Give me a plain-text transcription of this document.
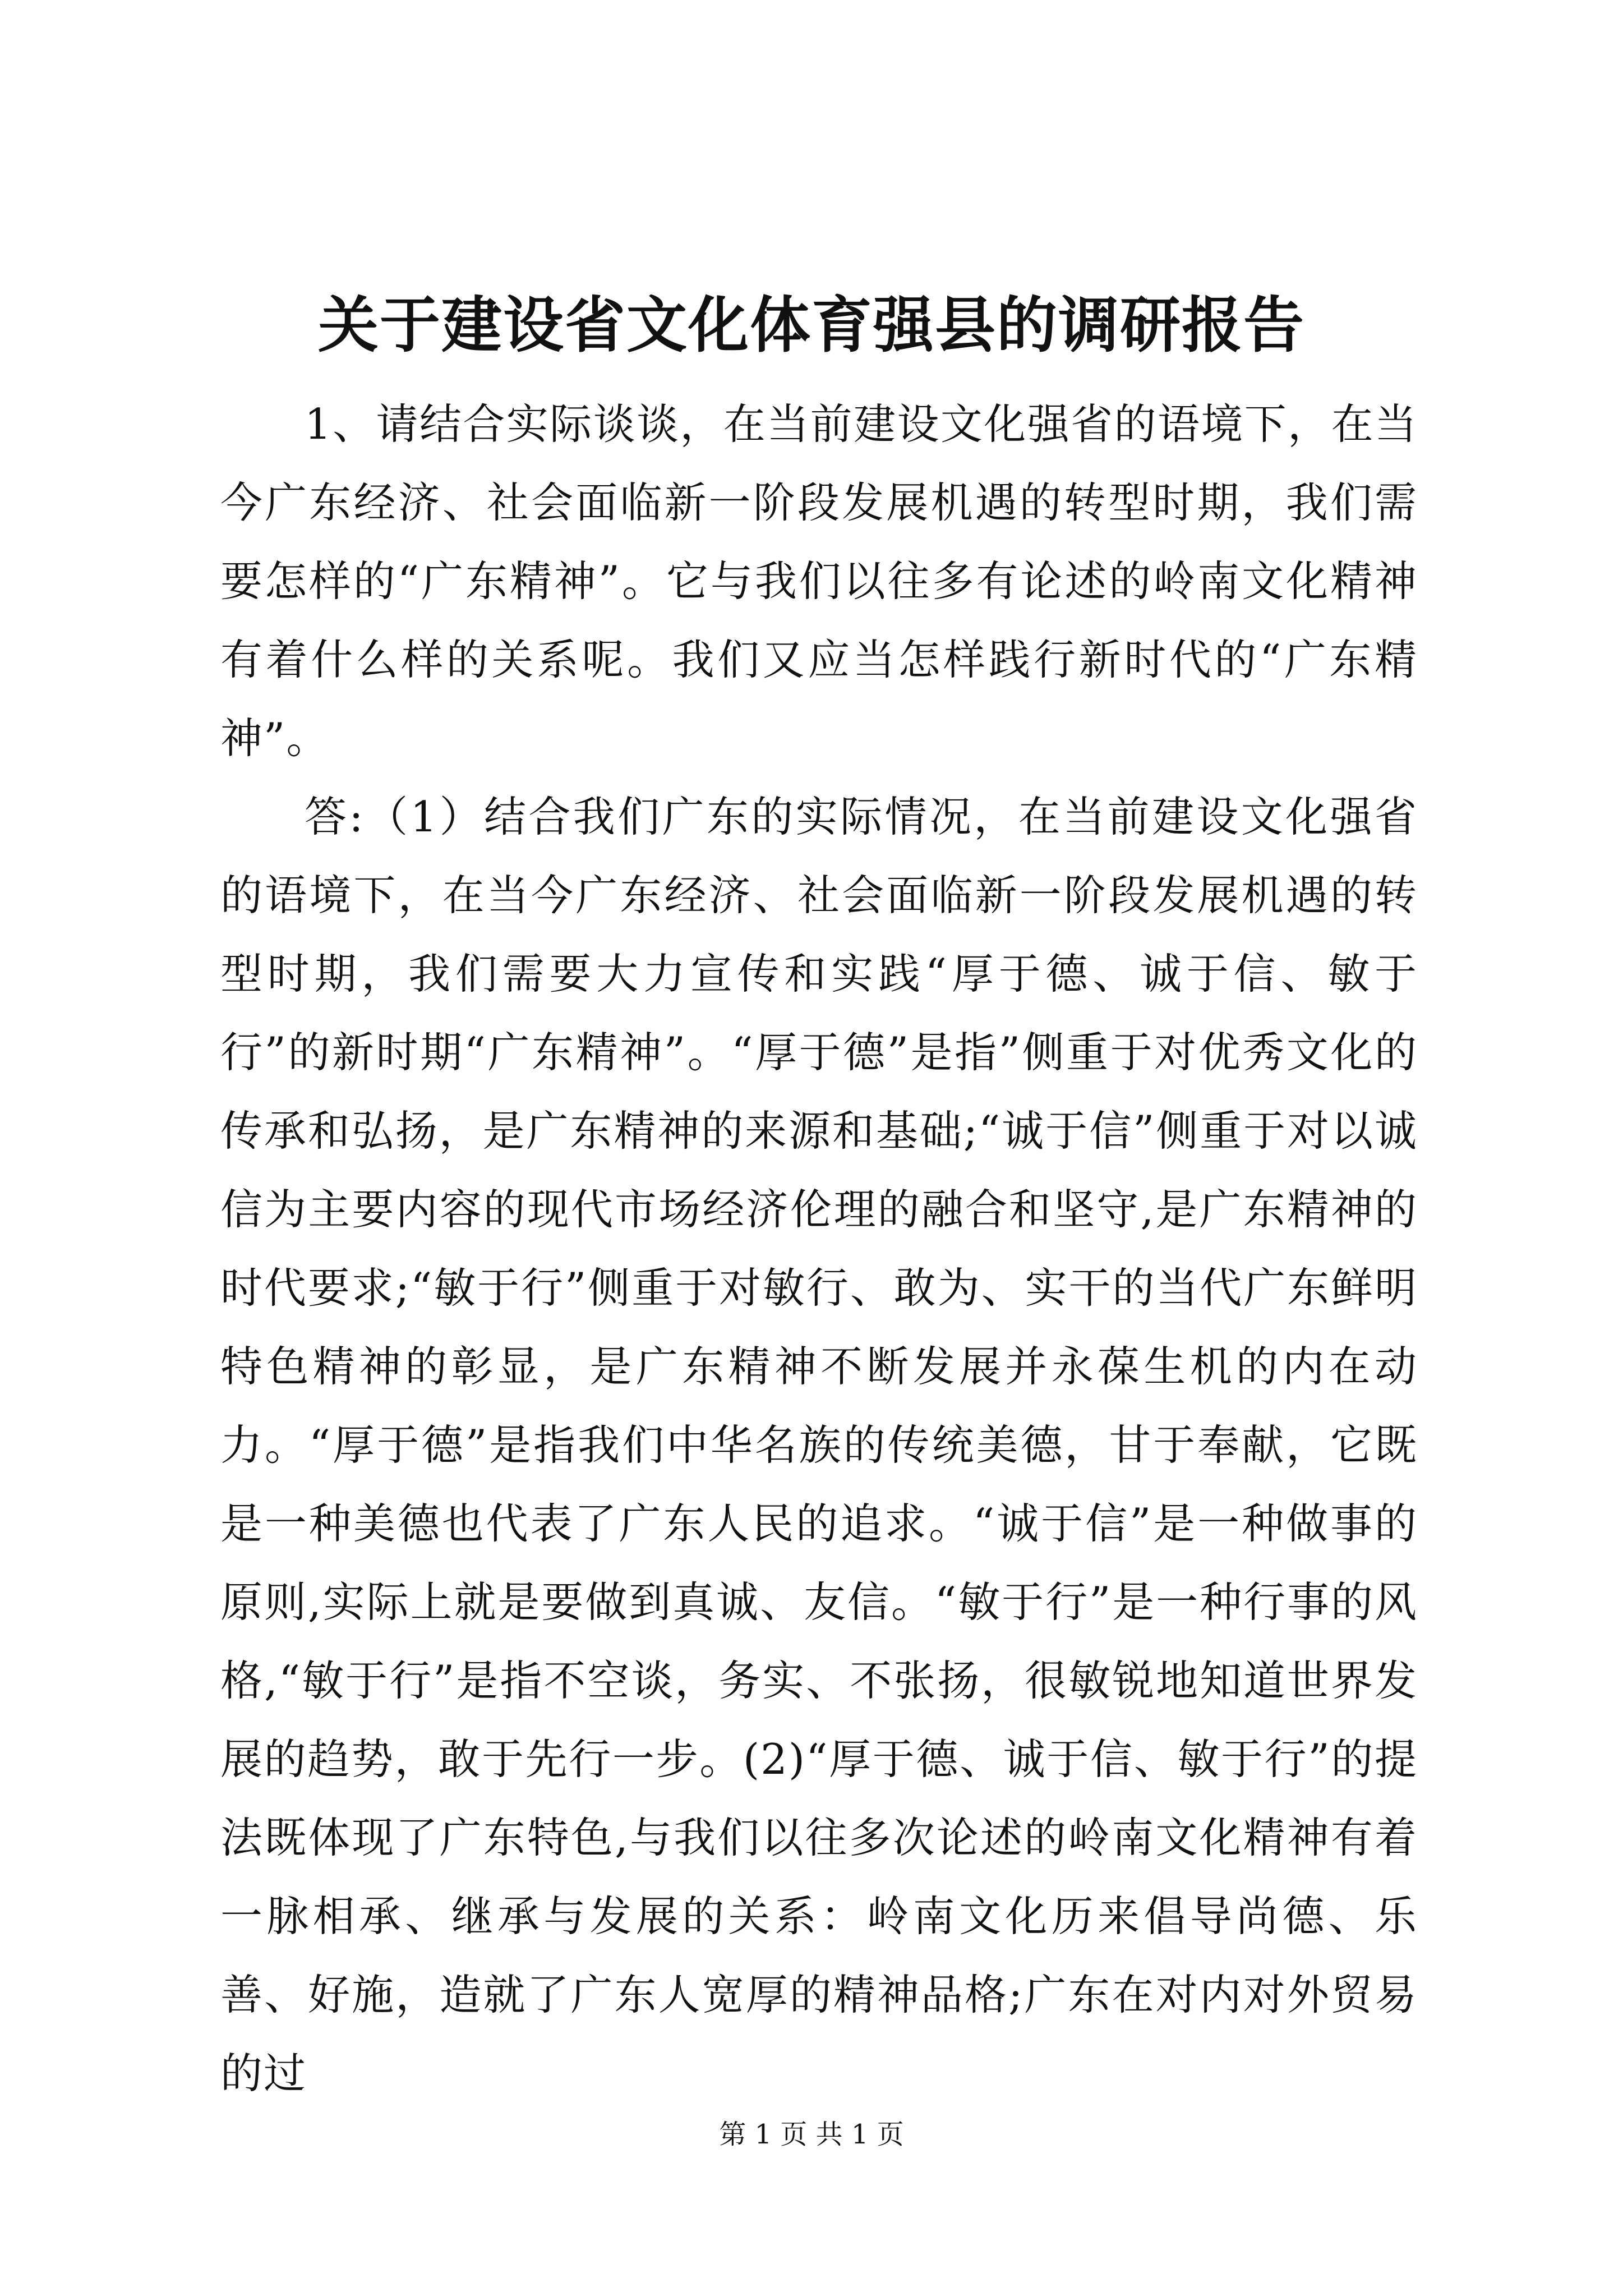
关于建设省文化体育强县的调研报告

1、请结合实际谈谈，在当前建设文化强省的语境下，在当今广东经济、社会面临新一阶段发展机遇的转型时期，我们需要怎样的“广东精神”。它与我们以往多有论述的岭南文化精神有着什么样的关系呢。我们又应当怎样践行新时代的“广东精神”。

答:（1）结合我们广东的实际情况，在当前建设文化强省的语境下，在当今广东经济、社会面临新一阶段发展机遇的转型时期，我们需要大力宣传和实践“厚于德、诚于信、敏于行”的新时期“广东精神”。“厚于德”是指”侧重于对优秀文化的传承和弘扬，是广东精神的来源和基础;“诚于信”侧重于对以诚信为主要内容的现代市场经济伦理的融合和坚守,是广东精神的时代要求;“敏于行”侧重于对敏行、敢为、实干的当代广东鲜明特色精神的彰显，是广东精神不断发展并永葆生机的内在动力。“厚于德”是指我们中华名族的传统美德，甘于奉献，它既是一种美德也代表了广东人民的追求。“诚于信”是一种做事的原则,实际上就是要做到真诚、友信。“敏于行”是一种行事的风格,“敏于行”是指不空谈，务实、不张扬，很敏锐地知道世界发展的趋势，敢于先行一步。(2)“厚于德、诚于信、敏于行”的提法既体现了广东特色,与我们以往多次论述的岭南文化精神有着一脉相承、继承与发展的关系：岭南文化历来倡导尚德、乐善、好施，造就了广东人宽厚的精神品格;广东在对内对外贸易的过

第 1 页 共 1 页
